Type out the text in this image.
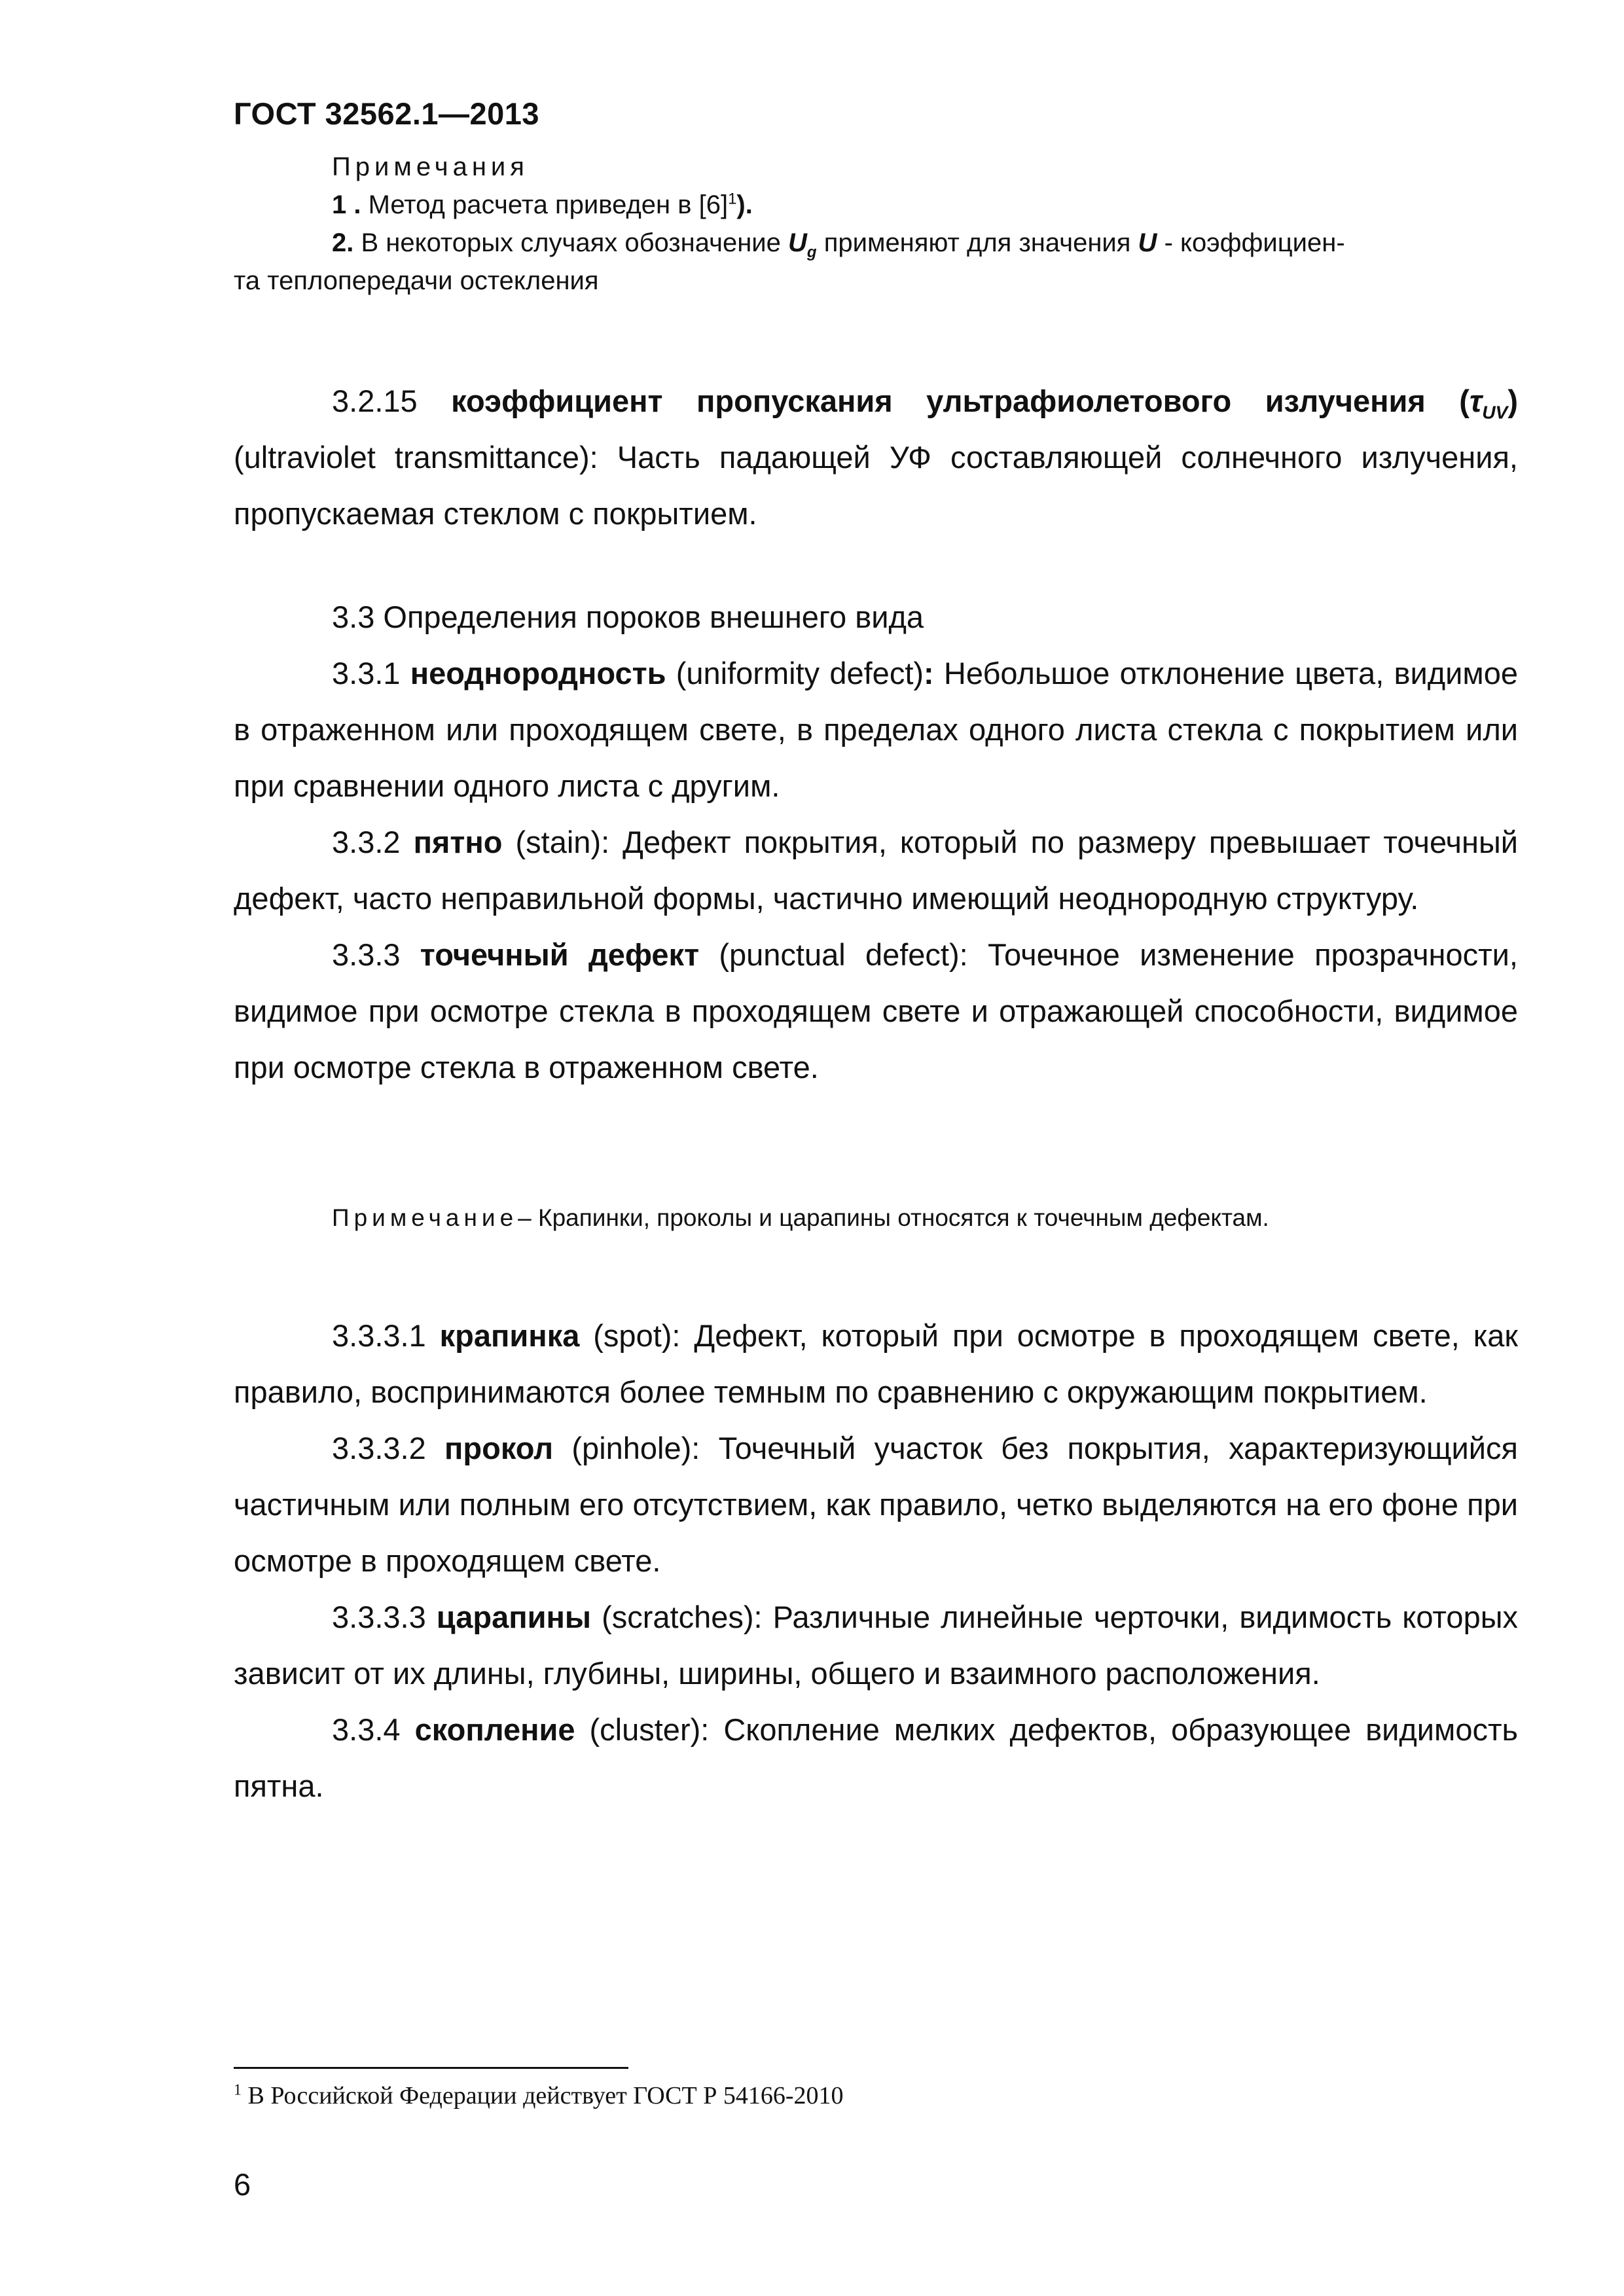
ГОСТ 32562.1—2013
Примечания
1 . Метод расчета приведен в $[6]^1$).
2. В некоторых случаях обозначение $U_g$ применяют для значения U - коэффициен-
та теплопередачи остекления

3.2.15 коэффициент пропускания ультрафиолетового излучения $(\tau_{UV})$ (ultraviolet transmittance): Часть падающей УФ составляющей солнечного излучения, пропускаемая стеклом с покрытием.

3.3 Определения пороков внешнего вида

3.3.1 неоднородность (uniformity defect): Небольшое отклонение цвета, видимое в отраженном или проходящем свете, в пределах одного листа стекла с покрытием или при сравнении одного листа с другим.

3.3.2 пятно (stain): Дефект покрытия, который по размеру превышает точечный дефект, часто неправильной формы, частично имеющий неоднородную структуру.

3.3.3 точечный дефект (punctual defect): Точечное изменение прозрачности, видимое при осмотре стекла в проходящем свете и отражающей способности, видимое при осмотре стекла в отраженном свете.

Примечание– Крапинки, проколы и царапины относятся к точечным дефектам.

3.3.3.1 крапинка (spot): Дефект, который при осмотре в проходящем свете, как правило, воспринимаются более темным по сравнению с окружающим покрытием.

3.3.3.2 прокол (pinhole): Точечный участок без покрытия, характеризующийся частичным или полным его отсутствием, как правило, четко выделяются на его фоне при осмотре в проходящем свете.

3.3.3.3 царапины (scratches): Различные линейные черточки, видимость которых зависит от их длины, глубины, ширины, общего и взаимного расположения.

3.3.4 скопление (cluster): Скопление мелких дефектов, образующее видимость пятна.

$^1$ В Российской Федерации действует ГОСТ Р 54166-2010
6
